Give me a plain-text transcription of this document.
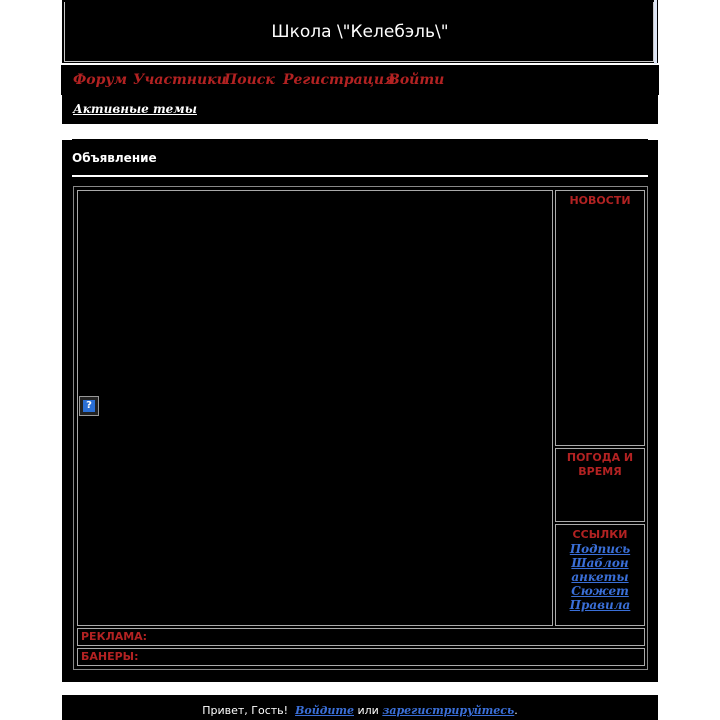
Школа \"Келебэль\"
Форум Участники
Поиск Регистрация
Войти
Активные темы
Объявление
?
НОВОСТИ
ПОГОДА И ВРЕМЯ
ССЫЛКИ
Подпись
Шаблон анкеты
Сюжет
Правила
РЕКЛАМА:
БАНЕРЫ:
Привет, Гость! Войдите или зарегистрируйтесь.
